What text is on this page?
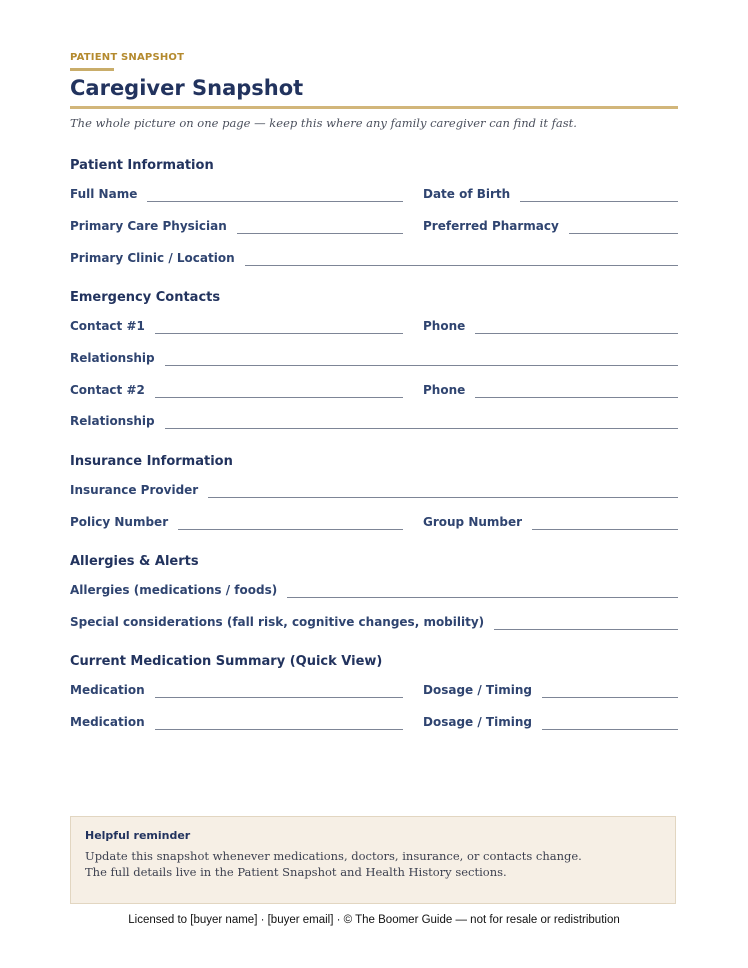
PATIENT SNAPSHOT
Caregiver Snapshot
The whole picture on one page — keep this where any family caregiver can find it fast.
Patient Information
Full Name	Date of Birth
Primary Care Physician	Preferred Pharmacy
Primary Clinic / Location
Emergency Contacts
Contact #1	Phone
Relationship
Contact #2	Phone
Relationship
Insurance Information
Insurance Provider
Policy Number	Group Number
Allergies & Alerts
Allergies (medications / foods)
Special considerations (fall risk, cognitive changes, mobility)
Current Medication Summary (Quick View)
Medication	Dosage / Timing
Medication	Dosage / Timing
Helpful reminder
Update this snapshot whenever medications, doctors, insurance, or contacts change.
The full details live in the Patient Snapshot and Health History sections.
Licensed to [buyer name] · [buyer email] · © The Boomer Guide — not for resale or redistribution
